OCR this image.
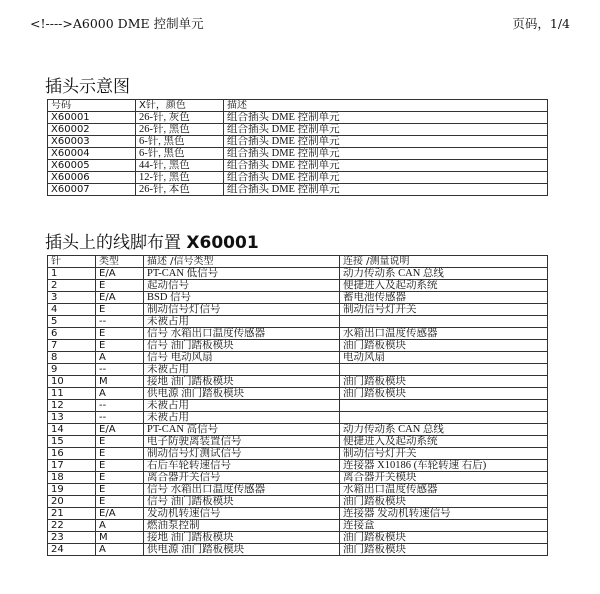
<!---->A6000 DME 控制单元	页码，1/4
插头示意图
号码	X针，颜色	描述
X60001	26-针, 灰色	组合插头 DME 控制单元
X60002	26-针, 黑色	组合插头 DME 控制单元
X60003	6-针, 黑色	组合插头 DME 控制单元
X60004	6-针, 黑色	组合插头 DME 控制单元
X60005	44-针, 黑色	组合插头 DME 控制单元
X60006	12-针, 黑色	组合插头 DME 控制单元
X60007	26-针, 本色	组合插头 DME 控制单元
插头上的线脚布置 X60001
针	类型	描述 /信号类型	连接 /测量说明
1	E/A	PT-CAN 低信号	动力传动系 CAN 总线
2	E	起动信号	便捷进入及起动系统
3	E/A	BSD 信号	蓄电池传感器
4	E	制动信号灯信号	制动信号灯开关
5	--	未被占用	
6	E	信号 水箱出口温度传感器	水箱出口温度传感器
7	E	信号 油门踏板模块	油门踏板模块
8	A	信号 电动风扇	电动风扇
9	--	未被占用	
10	M	接地 油门踏板模块	油门踏板模块
11	A	供电源 油门踏板模块	油门踏板模块
12	--	未被占用	
13	--	未被占用	
14	E/A	PT-CAN 高信号	动力传动系 CAN 总线
15	E	电子防驶离装置信号	便捷进入及起动系统
16	E	制动信号灯测试信号	制动信号灯开关
17	E	右后车轮转速信号	连接器 X10186 (车轮转速 右后)
18	E	离合器开关信号	离合器开关模块
19	E	信号 水箱出口温度传感器	水箱出口温度传感器
20	E	信号 油门踏板模块	油门踏板模块
21	E/A	发动机转速信号	连接器 发动机转速信号
22	A	燃油泵控制	连接盒
23	M	接地 油门踏板模块	油门踏板模块
24	A	供电源 油门踏板模块	油门踏板模块
